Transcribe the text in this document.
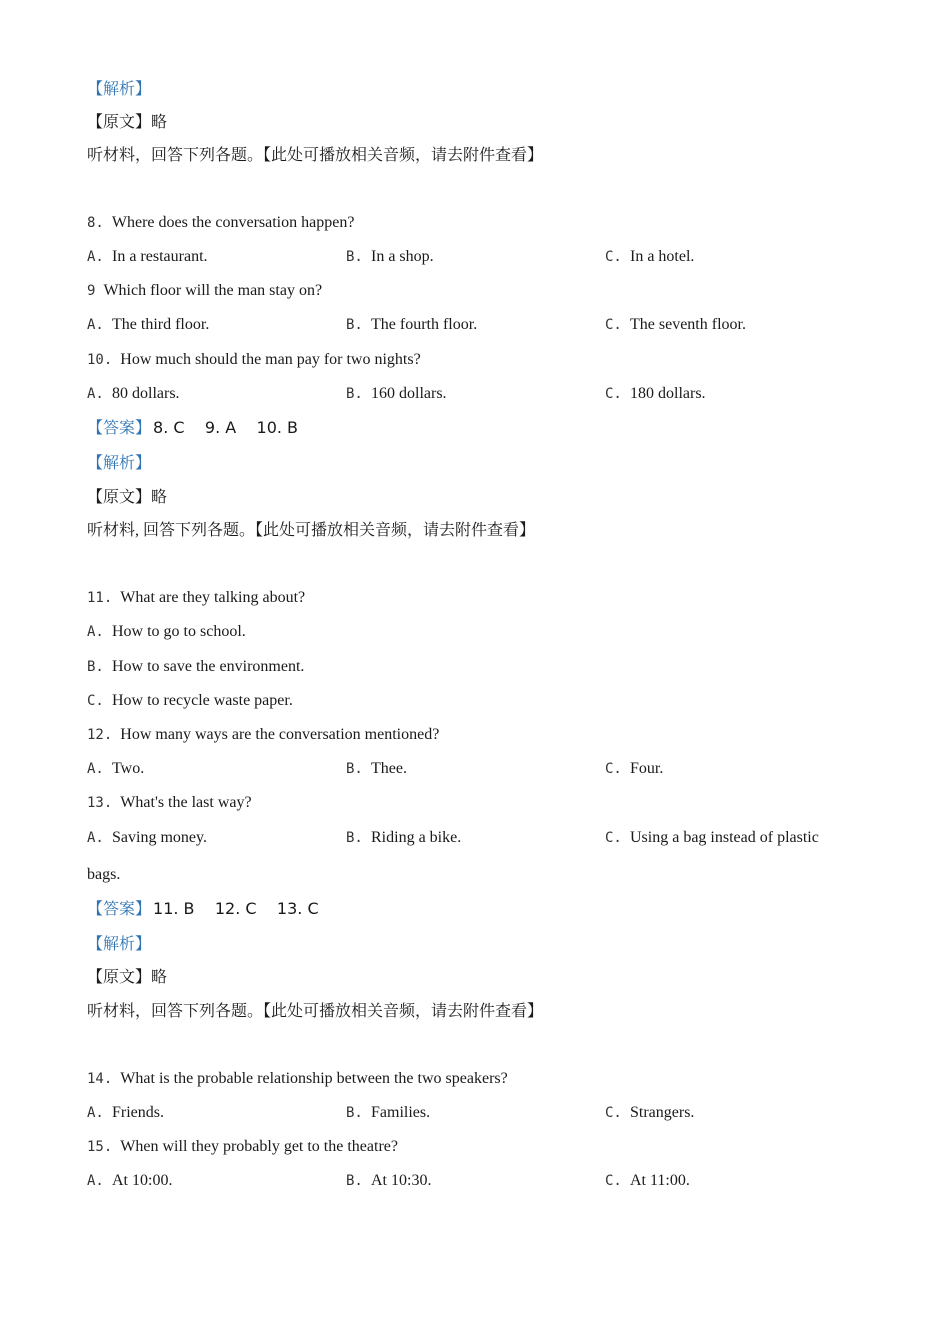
【解析】
【原文】略
听材料，回答下列各题。【此处可播放相关音频，请去附件查看】
8. Where does the conversation happen?
A. In a restaurant.	B. In a shop.	C. In a hotel.
9 Which floor will the man stay on?
A. The third floor.	B. The fourth floor.	C. The seventh floor.
10. How much should the man pay for two nights?
A. 80 dollars.	B. 160 dollars.	C. 180 dollars.
【答案】 8. C    9. A    10. B
【解析】
【原文】略
听材料, 回答下列各题。【此处可播放相关音频，请去附件查看】
11. What are they talking about?
A. How to go to school.
B. How to save the environment.
C. How to recycle waste paper.
12. How many ways are the conversation mentioned?
A. Two.	B. Thee.	C. Four.
13. What's the last way?
A. Saving money.	B. Riding a bike.	C. Using a bag instead of plastic
bags.
【答案】 11. B    12. C    13. C
【解析】
【原文】略
听材料，回答下列各题。【此处可播放相关音频，请去附件查看】
14. What is the probable relationship between the two speakers?
A. Friends.	B. Families.	C. Strangers.
15. When will they probably get to the theatre?
A. At 10:00.	B. At 10:30.	C. At 11:00.
